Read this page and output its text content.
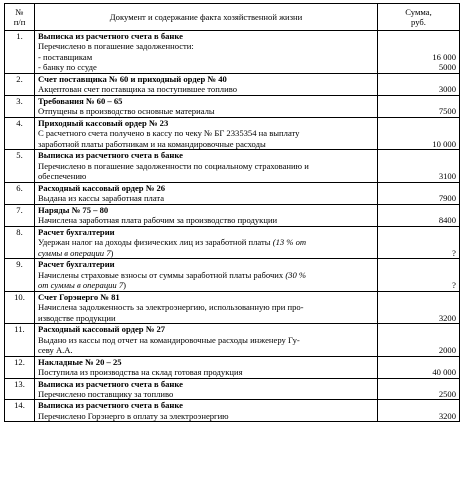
№
п/п	Документ и содержание факта хозяйственной жизни	Сумма,
руб.
1.	Выписка из расчетного счета в банке
Перечислено в погашение задолженности:
- поставщикам
- банку по ссуде	16 000
5000

2.	Счет поставщика № 60 и приходный ордер № 40
Акцептован счет поставщика за поступившее топливо	3000

3.	Требования № 60 – 65
Отпущены в производство основные материалы	7500

4.	Приходный кассовый ордер № 23
С расчетного счета получено в кассу по чеку № БГ 2335354 на выплату
заработной платы работникам и на командировочные расходы	10 000

5.	Выписка из расчетного счета в банке
Перечислено в погашение задолженности по социальному страхованию и
обеспечению	3100

6.	Расходный кассовый ордер № 26
Выдана из кассы заработная плата	7900

7.	Наряды № 75 – 80
Начислена заработная плата рабочим за производство продукции	8400

8.	Расчет бухгалтерии
Удержан налог на доходы физических лиц из заработной платы (13 % от
суммы в операции 7)	?

9.	Расчет бухгалтерии
Начислены страховые взносы от суммы заработной платы рабочих (30 %
от суммы в операции 7)	?

10.	Счет Горэнерго № 81
Начислена задолженность за электроэнергию, использованную при про-
изводстве продукции	3200

11.	Расходный кассовый ордер № 27
Выдано из кассы под отчет на командировочные расходы инженеру Гу-
севу А.А.	2000

12.	Накладные № 20 – 25
Поступила из производства на склад готовая продукция	40 000

13.	Выписка из расчетного счета в банке
Перечислено поставщику за топливо	2500

14.	Выписка из расчетного счета в банке
Перечислено Горэнерго в оплату за электроэнергию	3200
